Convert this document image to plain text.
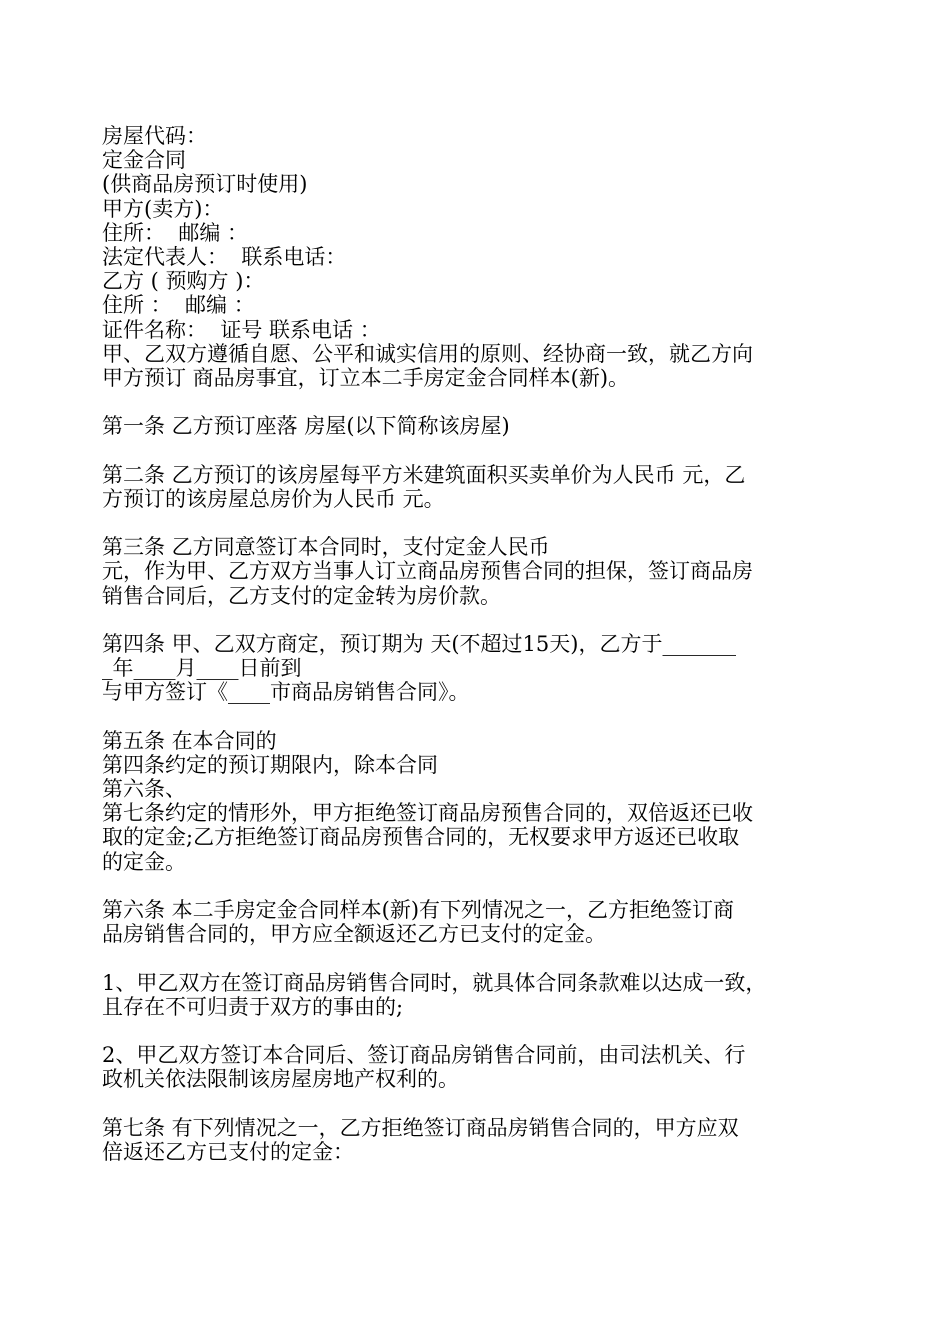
房屋代码：
定金合同
(供商品房预订时使用)
甲方(卖方)：
住所：  邮编 ：
法定代表人：  联系电话：
乙方 ( 预购方 )：
住所 ：  邮编 ：
证件名称：  证号 联系电话 ：
甲、乙双方遵循自愿、公平和诚实信用的原则、经协商一致，就乙方向
甲方预订 商品房事宜，订立本二手房定金合同样本(新)。
第一条 乙方预订座落 房屋(以下简称该房屋)
第二条 乙方预订的该房屋每平方米建筑面积买卖单价为人民币 元，乙
方预订的该房屋总房价为人民币 元。
第三条 乙方同意签订本合同时，支付定金人民币
元，作为甲、乙方双方当事人订立商品房预售合同的担保，签订商品房
销售合同后，乙方支付的定金转为房价款。
第四条 甲、乙双方商定，预订期为 天(不超过15天)，乙方于_______
_年____月____日前到
与甲方签订《____市商品房销售合同》。
第五条 在本合同的
第四条约定的预订期限内，除本合同
第六条、
第七条约定的情形外，甲方拒绝签订商品房预售合同的，双倍返还已收
取的定金;乙方拒绝签订商品房预售合同的，无权要求甲方返还已收取
的定金。
第六条 本二手房定金合同样本(新)有下列情况之一，乙方拒绝签订商
品房销售合同的，甲方应全额返还乙方已支付的定金。
1、甲乙双方在签订商品房销售合同时，就具体合同条款难以达成一致，
且存在不可归责于双方的事由的;
2、甲乙双方签订本合同后、签订商品房销售合同前，由司法机关、行
政机关依法限制该房屋房地产权利的。
第七条 有下列情况之一，乙方拒绝签订商品房销售合同的，甲方应双
倍返还乙方已支付的定金：
